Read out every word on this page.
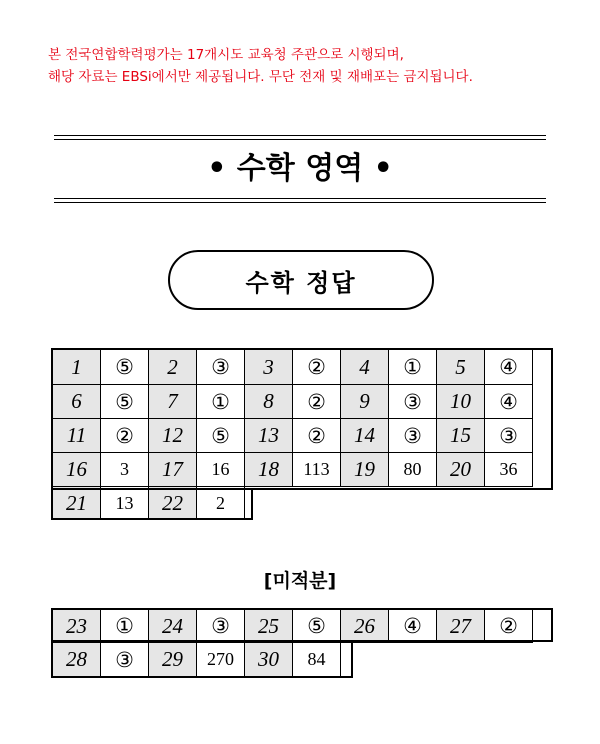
본 전국연합학력평가는 17개시도 교육청 주관으로 시행되며,
해당 자료는 EBSi에서만 제공됩니다. 무단 전재 및 재배포는 금지됩니다.
• 수학 영역 •
수학 정답
1	⑤	2	③	3	②	4	①	5	④
6	⑤	7	①	8	②	9	③	10	④
11	②	12	⑤	13	②	14	③	15	③
16	3	17	16	18	113	19	80	20	36
21	13	22	2						
[미적분]
23	①	24	③	25	⑤	26	④	27	②
28	③	29	270	30	84				
